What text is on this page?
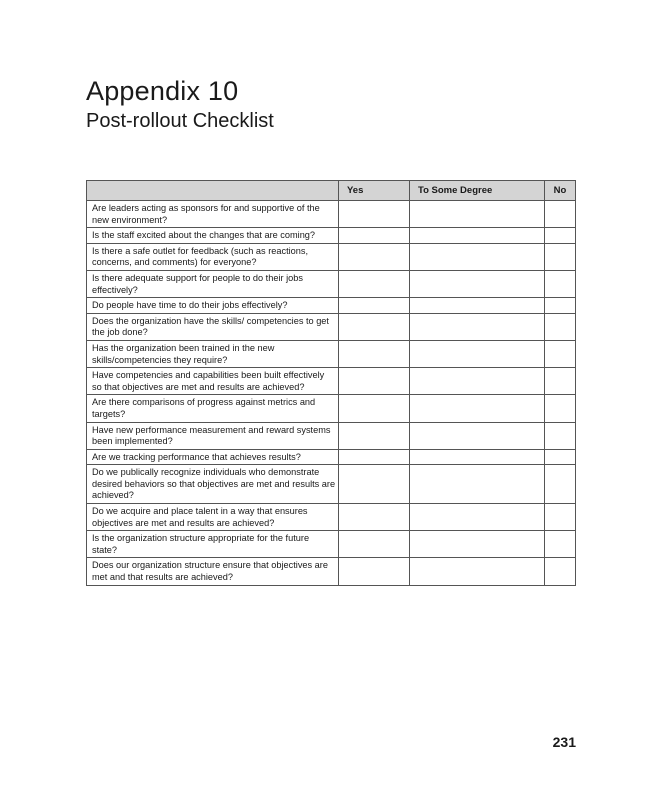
Appendix 10
Post-rollout Checklist
	Yes	To Some Degree	No
Are leaders acting as sponsors for and supportive of the new environment?			
Is the staff excited about the changes that are coming?			
Is there a safe outlet for feedback (such as reactions, concerns, and comments) for everyone?			
Is there adequate support for people to do their jobs effectively?			
Do people have time to do their jobs effectively?			
Does the organization have the skills/ competencies to get the job done?			
Has the organization been trained in the new skills/competencies they require?			
Have competencies and capabilities been built effectively so that objectives are met and results are achieved?			
Are there comparisons of progress against metrics and targets?			
Have new performance measurement and reward systems been implemented?			
Are we tracking performance that achieves results?			
Do we publically recognize individuals who demonstrate desired behaviors so that objectives are met and results are achieved?			
Do we acquire and place talent in a way that ensures objectives are met and results are achieved?			
Is the organization structure appropriate for the future state?			
Does our organization structure ensure that objectives are met and that results are achieved?			
231
